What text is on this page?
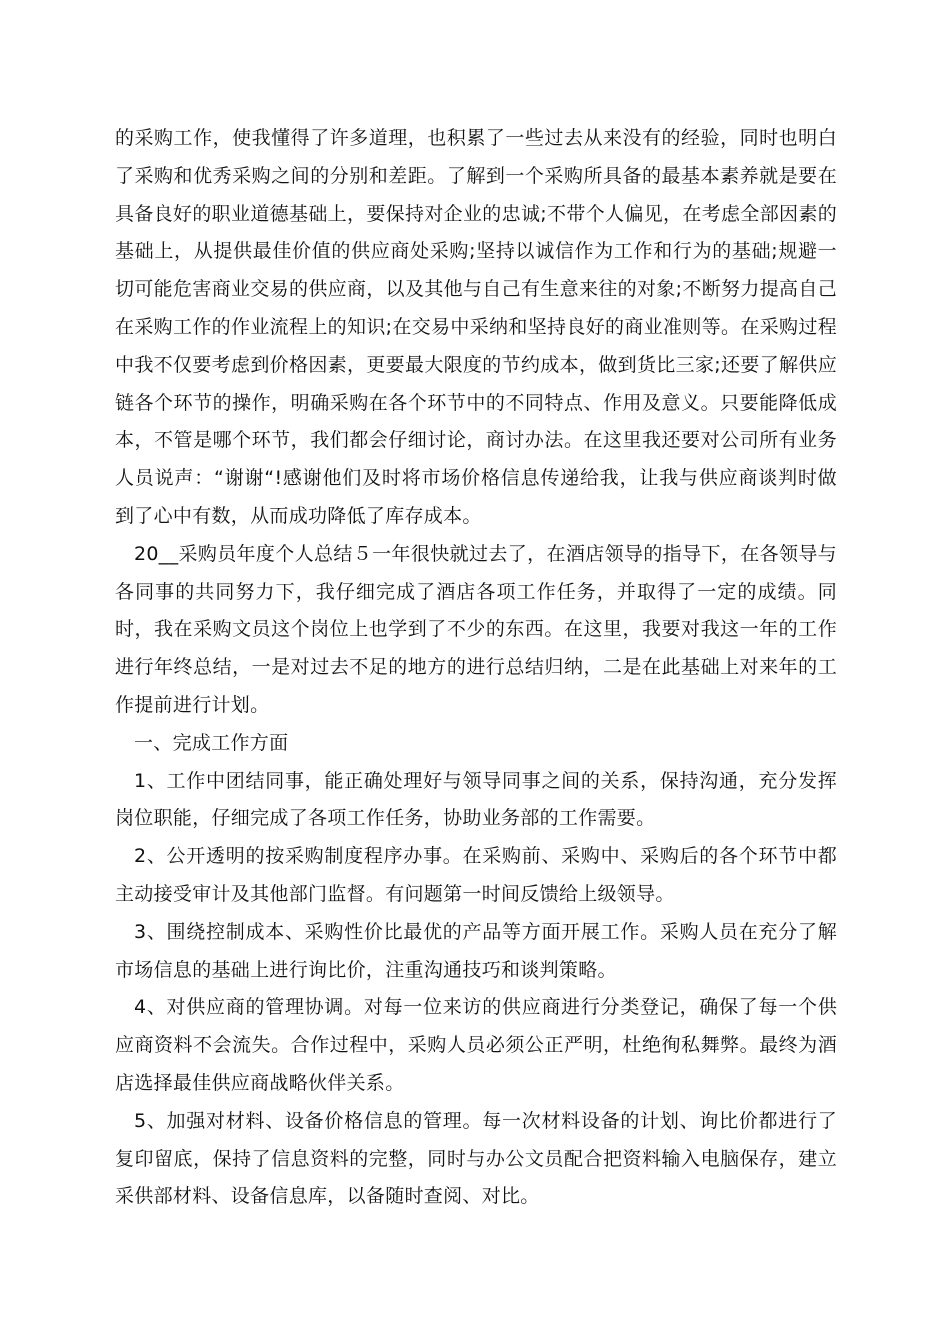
的采购工作，使我懂得了许多道理，也积累了一些过去从来没有的经验，同时也明白了采购和优秀采购之间的分别和差距。了解到一个采购所具备的最基本素养就是要在具备良好的职业道德基础上，要保持对企业的忠诚;不带个人偏见，在考虑全部因素的基础上，从提供最佳价值的供应商处采购;坚持以诚信作为工作和行为的基础;规避一切可能危害商业交易的供应商，以及其他与自己有生意来往的对象;不断努力提高自己在采购工作的作业流程上的知识;在交易中采纳和坚持良好的商业准则等。在采购过程中我不仅要考虑到价格因素，更要最大限度的节约成本，做到货比三家;还要了解供应链各个环节的操作，明确采购在各个环节中的不同特点、作用及意义。只要能降低成本，不管是哪个环节，我们都会仔细讨论，商讨办法。在这里我还要对公司所有业务人员说声：“谢谢“!感谢他们及时将市场价格信息传递给我，让我与供应商谈判时做到了心中有数，从而成功降低了库存成本。

20__采购员年度个人总结５一年很快就过去了，在酒店领导的指导下，在各领导与各同事的共同努力下，我仔细完成了酒店各项工作任务，并取得了一定的成绩。同时，我在采购文员这个岗位上也学到了不少的东西。在这里，我要对我这一年的工作进行年终总结，一是对过去不足的地方的进行总结归纳，二是在此基础上对来年的工作提前进行计划。

一、完成工作方面

1、工作中团结同事，能正确处理好与领导同事之间的关系，保持沟通，充分发挥岗位职能，仔细完成了各项工作任务，协助业务部的工作需要。

2、公开透明的按采购制度程序办事。在采购前、采购中、采购后的各个环节中都主动接受审计及其他部门监督。有问题第一时间反馈给上级领导。

3、围绕控制成本、采购性价比最优的产品等方面开展工作。采购人员在充分了解市场信息的基础上进行询比价，注重沟通技巧和谈判策略。

4、对供应商的管理协调。对每一位来访的供应商进行分类登记，确保了每一个供应商资料不会流失。合作过程中，采购人员必须公正严明，杜绝徇私舞弊。最终为酒店选择最佳供应商战略伙伴关系。

5、加强对材料、设备价格信息的管理。每一次材料设备的计划、询比价都进行了复印留底，保持了信息资料的完整，同时与办公文员配合把资料输入电脑保存，建立采供部材料、设备信息库，以备随时查阅、对比。
